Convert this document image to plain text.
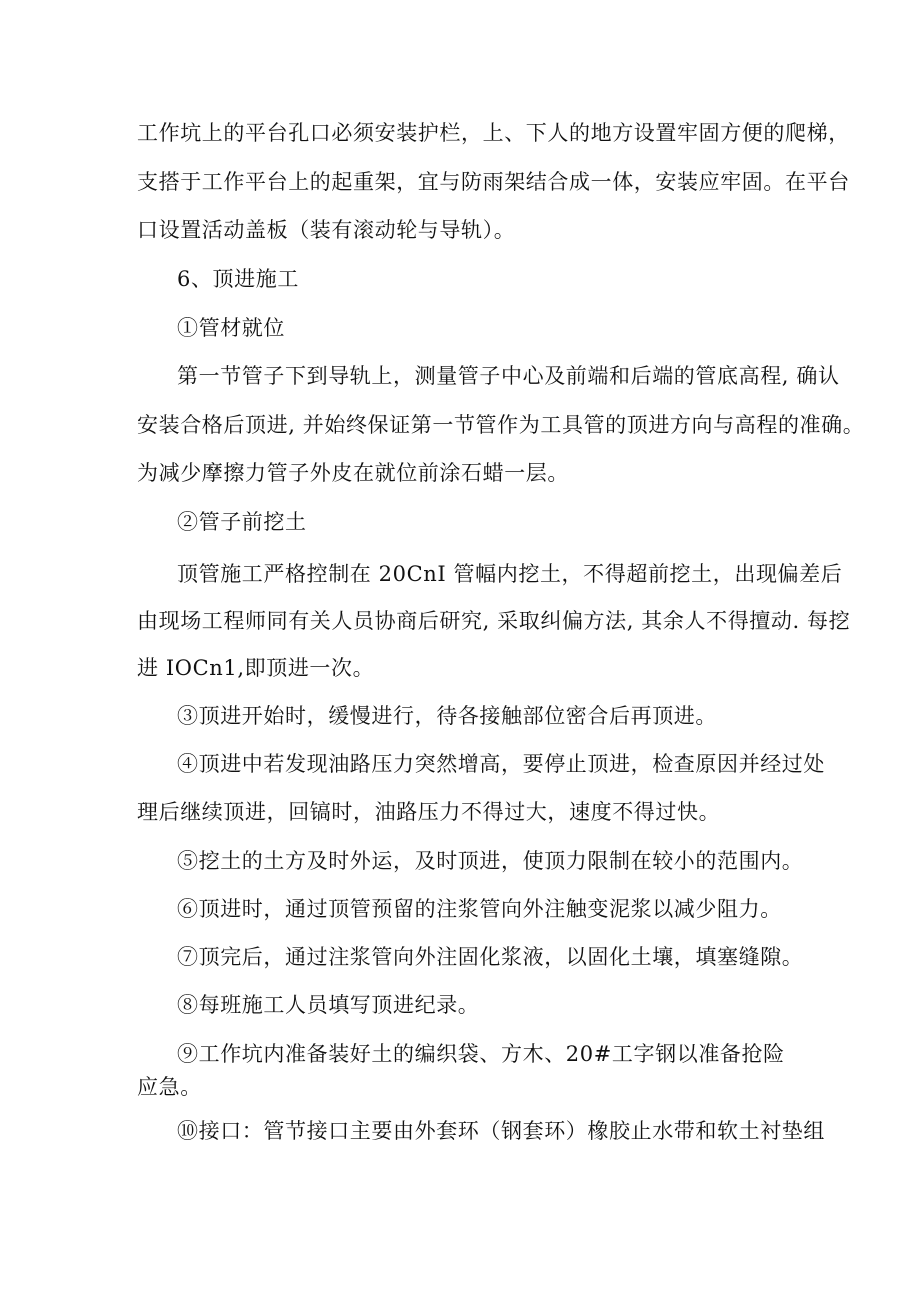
工作坑上的平台孔口必须安装护栏，上、下人的地方设置牢固方便的爬梯，
支搭于工作平台上的起重架，宜与防雨架结合成一体，安装应牢固。在平台
口设置活动盖板（装有滚动轮与导轨）。
6、顶进施工
①管材就位
第一节管子下到导轨上，测量管子中心及前端和后端的管底高程, 确认
安装合格后顶进, 并始终保证第一节管作为工具管的顶进方向与高程的准确。
为减少摩擦力管子外皮在就位前涂石蜡一层。
②管子前挖土
顶管施工严格控制在 20CnI 管幅内挖土，不得超前挖土，出现偏差后
由现场工程师同有关人员协商后研究, 采取纠偏方法, 其余人不得擅动. 每挖
进 IOCn1,即顶进一次。
③顶进开始时，缓慢进行，待各接触部位密合后再顶进。
④顶进中若发现油路压力突然增高，要停止顶进，检查原因并经过处
理后继续顶进，回镐时，油路压力不得过大，速度不得过快。
⑤挖土的土方及时外运，及时顶进，使顶力限制在较小的范围内。
⑥顶进时，通过顶管预留的注浆管向外注触变泥浆以减少阻力。
⑦顶完后，通过注浆管向外注固化浆液，以固化土壤，填塞缝隙。
⑧每班施工人员填写顶进纪录。
⑨工作坑内准备装好土的编织袋、方木、20#工字钢以准备抢险
应急。
⑩接口：管节接口主要由外套环（钢套环）橡胶止水带和软土衬垫组
